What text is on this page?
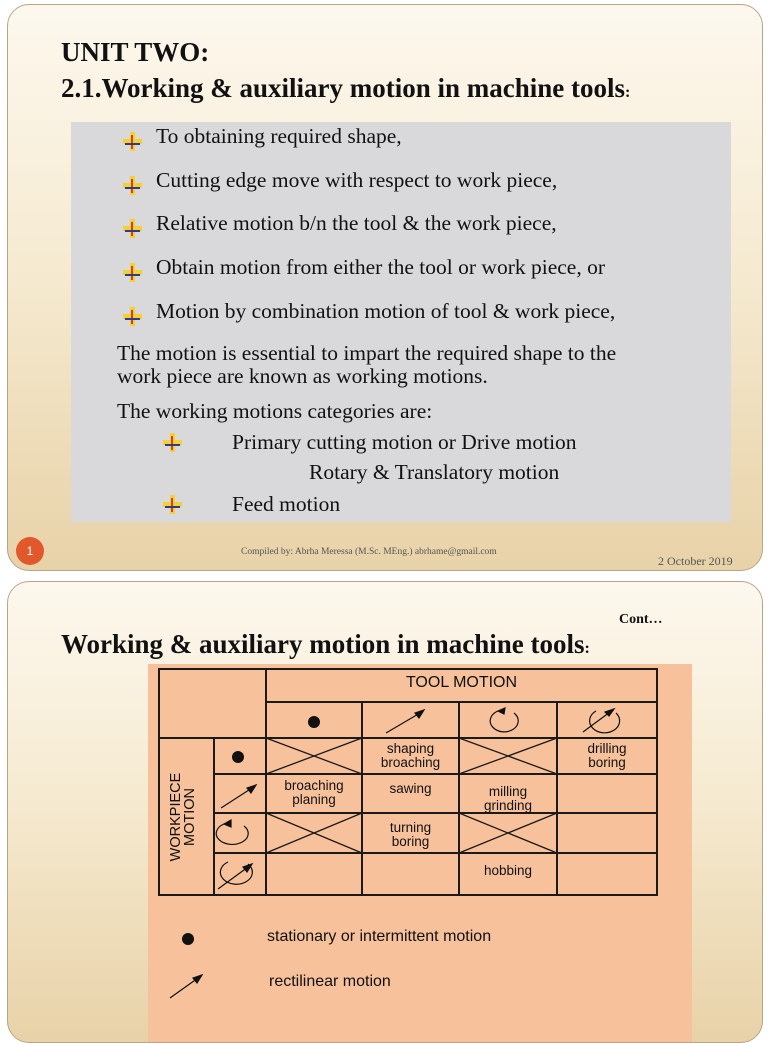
UNIT TWO:
2.1.Working & auxiliary motion in machine tools:
To obtaining required shape,
Cutting edge move with respect to work piece,
Relative motion b/n the tool & the work piece,
Obtain motion from either the tool or work piece, or
Motion by combination motion of tool & work piece,
The motion is essential to impart the required shape to the
work piece are known as working motions.
The working motions categories are:
Primary cutting motion or Drive motion
Rotary & Translatory motion
Feed motion
1	Compiled by: Abrha Meressa (M.Sc. MEng.) abrhame@gmail.com
2 October 2019
Cont…
Working & auxiliary motion in machine tools:
TOOL MOTION
WORKPIECE MOTION
shaping
broaching
drilling
boring
broaching
planing
sawing	milling
grinding
turning
boring
hobbing
stationary or intermittent motion
rectilinear motion
